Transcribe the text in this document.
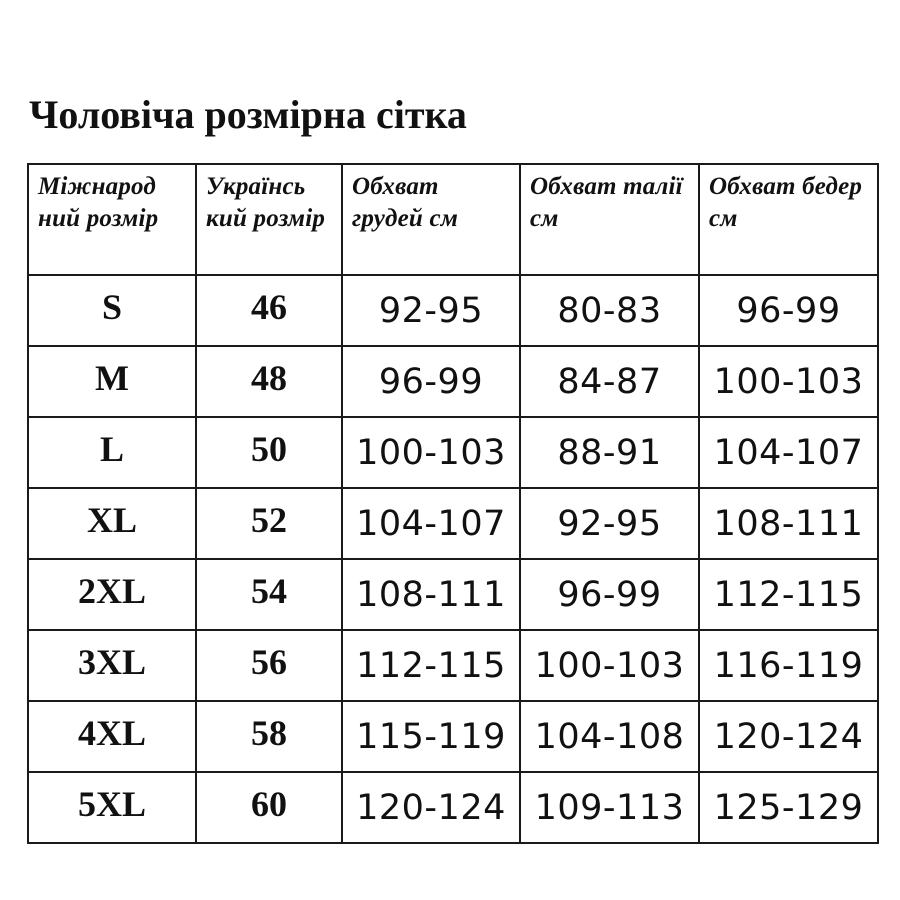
Чоловіча розмірна сітка
Міжнарод ний розмір	Українсь кий розмір	Обхват грудей см	Обхват талії см	Обхват бедер см
S	46	92-95	80-83	96-99
M	48	96-99	84-87	100-103
L	50	100-103	88-91	104-107
XL	52	104-107	92-95	108-111
2XL	54	108-111	96-99	112-115
3XL	56	112-115	100-103	116-119
4XL	58	115-119	104-108	120-124
5XL	60	120-124	109-113	125-129
